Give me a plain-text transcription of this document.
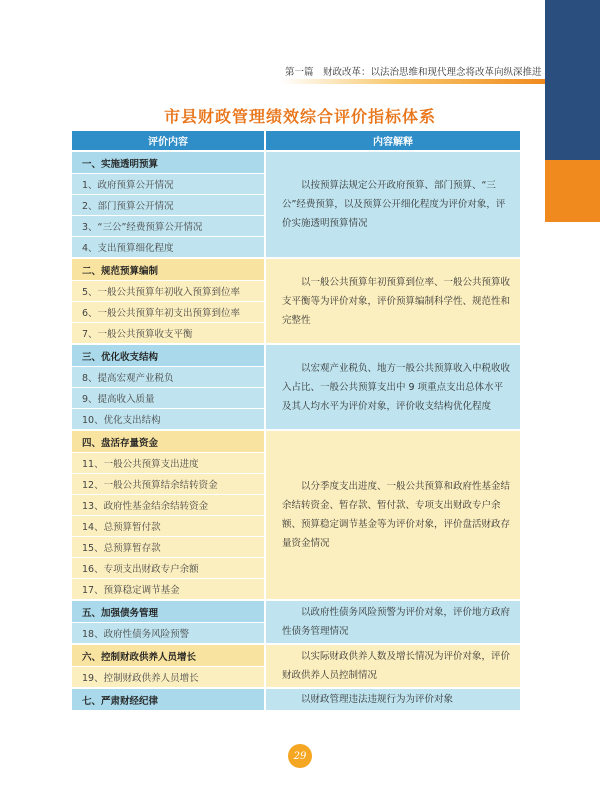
第一篇　财政改革：以法治思维和现代理念将改革向纵深推进
市县财政管理绩效综合评价指标体系
评价内容	内容解释
一、实施透明预算
1、政府预算公开情况
2、部门预算公开情况
3、“三公”经费预算公开情况
4、支出预算细化程度
以按预算法规定公开政府预算、部门预算、“三公”经费预算，以及预算公开细化程度为评价对象，评价实施透明预算情况
二、规范预算编制
5、一般公共预算年初收入预算到位率
6、一般公共预算年初支出预算到位率
7、一般公共预算收支平衡
以一般公共预算年初预算到位率、一般公共预算收支平衡等为评价对象，评价预算编制科学性、规范性和完整性
三、优化收支结构
8、提高宏观产业税负
9、提高收入质量
10、优化支出结构
以宏观产业税负、地方一般公共预算收入中税收收入占比、一般公共预算支出中 9 项重点支出总体水平及其人均水平为评价对象，评价收支结构优化程度
四、盘活存量资金
11、一般公共预算支出进度
12、一般公共预算结余结转资金
13、政府性基金结余结转资金
14、总预算暂付款
15、总预算暂存款
16、专项支出财政专户余额
17、预算稳定调节基金
以分季度支出进度、一般公共预算和政府性基金结余结转资金、暂存款、暂付款、专项支出财政专户余额、预算稳定调节基金等为评价对象，评价盘活财政存量资金情况
五、加强债务管理
18、政府性债务风险预警
以政府性债务风险预警为评价对象，评价地方政府性债务管理情况
六、控制财政供养人员增长
19、控制财政供养人员增长
以实际财政供养人数及增长情况为评价对象，评价财政供养人员控制情况
七、严肃财经纪律	以财政管理违法违规行为为评价对象
29
